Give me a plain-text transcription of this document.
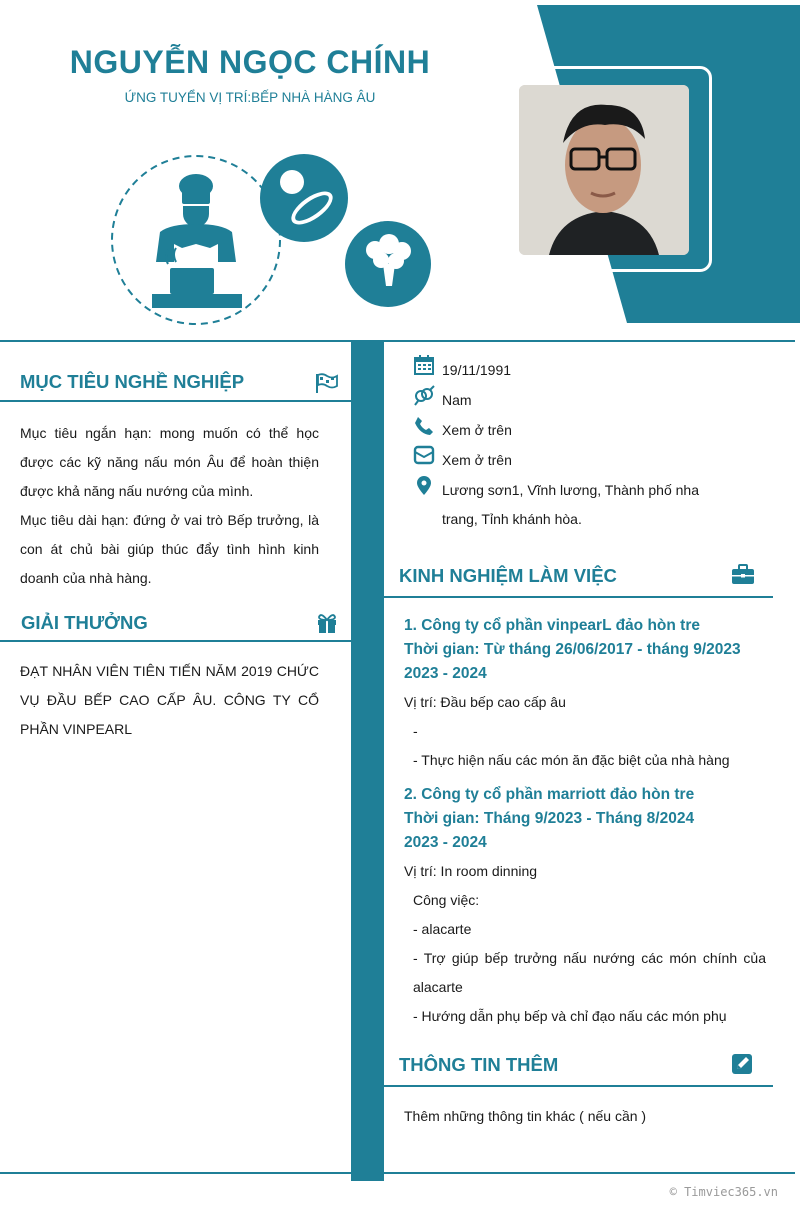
NGUYỄN NGỌC CHÍNH
ỨNG TUYỂN VỊ TRÍ:BẾP NHÀ HÀNG ÂU
MỤC TIÊU NGHỀ NGHIỆP

Mục tiêu ngắn hạn: mong muốn có thể học được các kỹ năng nấu món Âu để hoàn thiện được khả năng nấu nướng của mình.

Mục tiêu dài hạn: đứng ở vai trò Bếp trưởng, là con át chủ bài giúp thúc đẩy tình hình kinh doanh của nhà hàng.

GIẢI THƯỞNG
ĐẠT NHÂN VIÊN TIÊN TIẾN NĂM 2019 CHỨC VỤ ĐẦU BẾP CAO CẤP ÂU. CÔNG TY CỔ PHẦN VINPEARL
19/11/1991
Nam
Xem ở trên
Xem ở trên
Lương sơn1, Vĩnh lương, Thành phố nha
trang, Tỉnh khánh hòa.
KINH NGHIỆM LÀM VIỆC
1. Công ty cổ phần vinpearL đảo hòn tre
Thời gian: Từ tháng 26/06/2017 - tháng 9/2023
2023 - 2024
Vị trí: Đầu bếp cao cấp âu
-
- Thực hiện nấu các món ăn đặc biệt của nhà hàng
2. Công ty cổ phần marriott đảo hòn tre
Thời gian: Tháng 9/2023 - Tháng 8/2024
2023 - 2024
Vị trí: In room dinning
Công việc:
- alacarte
- Trợ giúp bếp trưởng nấu nướng các món chính của alacarte
- Hướng dẫn phụ bếp và chỉ đạo nấu các món phụ
THÔNG TIN THÊM
Thêm những thông tin khác ( nếu cần )
© Timviec365.vn
